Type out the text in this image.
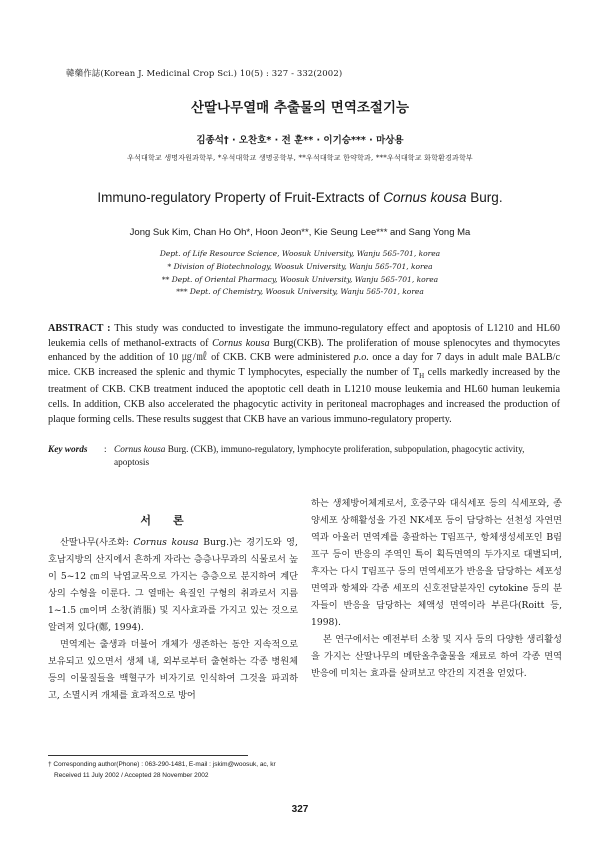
韓藥作誌(Korean J. Medicinal Crop Sci.) 10(5) : 327 - 332(2002)
산딸나무열매 추출물의 면역조절기능
김종석† · 오찬호* · 전 훈** · 이기승*** · 마상용
우석대학교 생명자원과학부, *우석대학교 생명공학부, **우석대학교 한약학과, ***우석대학교 화학환경과학부
Immuno-regulatory Property of Fruit-Extracts of Cornus kousa Burg.
Jong Suk Kim, Chan Ho Oh*, Hoon Jeon**, Kie Seung Lee*** and Sang Yong Ma
Dept. of Life Resource Science, Woosuk University, Wanju 565-701, korea
* Division of Biotechnology, Woosuk University, Wanju 565-701, korea
** Dept. of Oriental Pharmacy, Woosuk University, Wanju 565-701, korea
*** Dept. of Chemistry, Woosuk University, Wanju 565-701, korea
ABSTRACT : This study was conducted to investigate the immuno-regulatory effect and apoptosis of L1210 and HL60 leukemia cells of methanol-extracts of Cornus kousa Burg(CKB). The proliferation of mouse splenocytes and thymocytes enhanced by the addition of 10 ㎍/㎖ of CKB. CKB were administered p.o. once a day for 7 days in adult male BALB/c mice. CKB increased the splenic and thymic T lymphocytes, especially the number of $T_H$ cells markedly increased by the treatment of CKB. CKB treatment induced the apoptotic cell death in L1210 mouse leukemia and HL60 human leukemia cells. In addition, CKB also accelerated the phagocytic activity in peritoneal macrophages and increased the production of plaque forming cells. These results suggest that CKB have an various immuno-regulatory property.
Key words	: Cornus kousa Burg. (CKB), immuno-regulatory, lymphocyte proliferation, subpopulation, phagocytic activity, apoptosis
서론

산딸나무(사조화: Cornus kousa Burg.)는 경기도와 영, 호남지방의 산지에서 흔하게 자라는 층층나무과의 식물로서 높이 5~12 ㎝의 낙엽교목으로 가지는 층층으로 분지하여 계단상의 수형을 이룬다. 그 열매는 육질인 구형의 취과로서 지름 1~1.5 ㎝이며 소창(消脹) 및 지사효과를 가지고 있는 것으로 알려져 있다(鄭, 1994).

면역계는 출생과 더불어 개체가 생존하는 동안 지속적으로 보유되고 있으면서 생체 내, 외부로부터 출현하는 각종 병원체 등의 이물질들을 백혈구가 비자기로 인식하여 그것을 파괴하고, 소멸시켜 개체를 효과적으로 방어

하는 생체방어체계로서, 호중구와 대식세포 등의 식세포와, 종양세포 상해활성을 가진 NK세포 등이 담당하는 선천성 자연면역과 아울러 면역계를 총괄하는 T림프구, 항체생성세포인 B림프구 등이 반응의 주역인 특이 획득면역의 두가지로 대별되며, 후자는 다시 T림프구 등의 면역세포가 반응을 담당하는 세포성 면역과 항체와 각종 세포의 신호전달분자인 cytokine 등의 분자들이 반응을 담당하는 체액성 면역이라 부른다(Roitt 등, 1998).

본 연구에서는 예전부터 소창 및 지사 등의 다양한 생리활성을 가지는 산딸나무의 메탄올추출물을 재료로 하여 각종 면역반응에 미치는 효과를 살펴보고 약간의 지견을 얻었다.

† Corresponding author(Phone) : 063-290-1481, E-mail : jskim@woosuk, ac, kr
Received 11 July 2002 / Accepted 28 November 2002
327
